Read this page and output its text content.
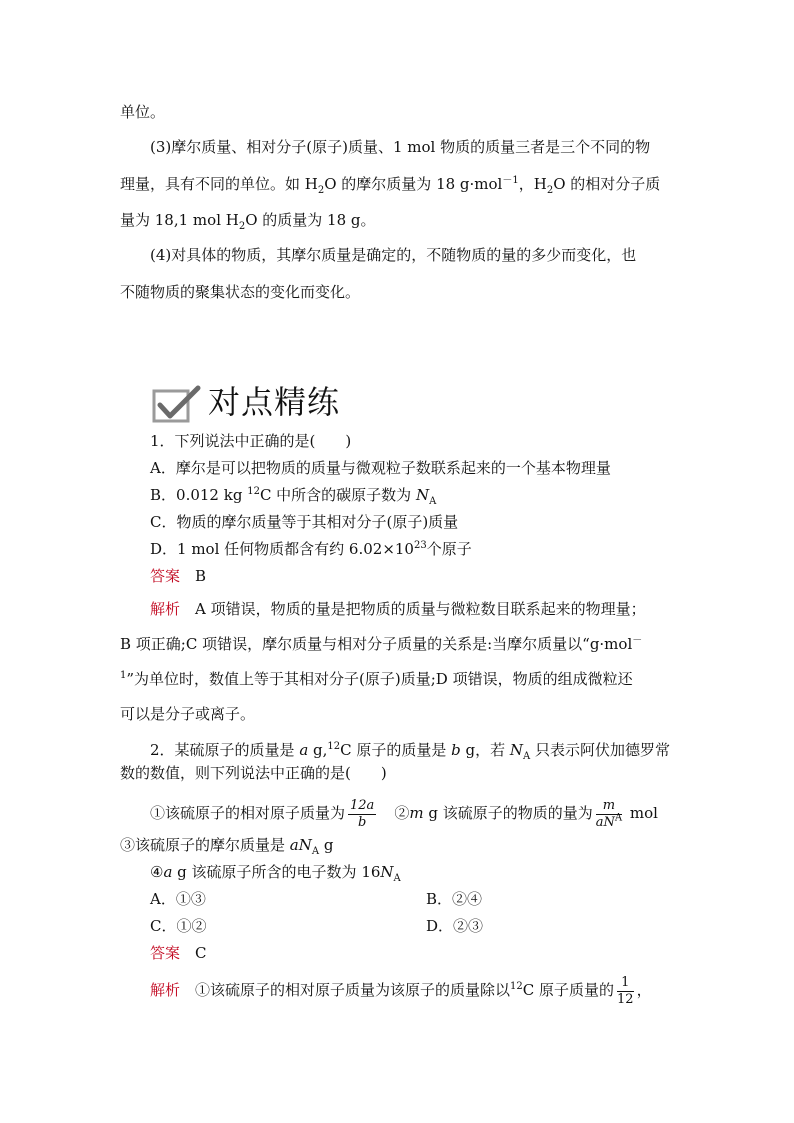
单位。
(3)摩尔质量、相对分子(原子)质量、1 mol 物质的质量三者是三个不同的物
理量，具有不同的单位。如 $H_2O$ 的摩尔质量为 18 g·mol$^{-1}$，$H_2O$ 的相对分子质
量为 18,1 mol $H_2O$ 的质量为 18 g。
(4)对具体的物质，其摩尔质量是确定的，不随物质的量的多少而变化，也
不随物质的聚集状态的变化而变化。
对点精练
1．下列说法中正确的是(　　)
A．摩尔是可以把物质的质量与微观粒子数联系起来的一个基本物理量
B．0.012 kg $^{12}$C 中所含的碳原子数为 $N_A$
C．物质的摩尔质量等于其相对分子(原子)质量
D．1 mol 任何物质都含有约 $6.02\times 10^{23}$个原子
答案　 B
解析　 A 项错误，物质的量是把物质的质量与微粒数目联系起来的物理量；
B 项正确;C 项错误，摩尔质量与相对分子质量的关系是:当摩尔质量以“g·mol－
$^1$”为单位时，数值上等于其相对分子(原子)质量;D 项错误，物质的组成微粒还
可以是分子或离子。
2．某硫原子的质量是 a g,$^{12}$C 原子的质量是 b g，若 $N_A$ 只表示阿伏加德罗常
数的数值，则下列说法中正确的是(　　)
①该硫原子的相对原子质量为 $\frac{12a}{b}$
　 ②m g 该硫原子的物质的量为 $\frac{m}{aN^A}$ mol
③该硫原子的摩尔质量是 $aN_A$ g
④a g 该硫原子所含的电子数为 $16N_A$
A．①③	B．②④
C．①②	D．②③
答案　 C
解析　 ①该硫原子的相对原子质量为该原子的质量除以$^{12}$C 原子质量的 $\frac{1}{12}$ ，
